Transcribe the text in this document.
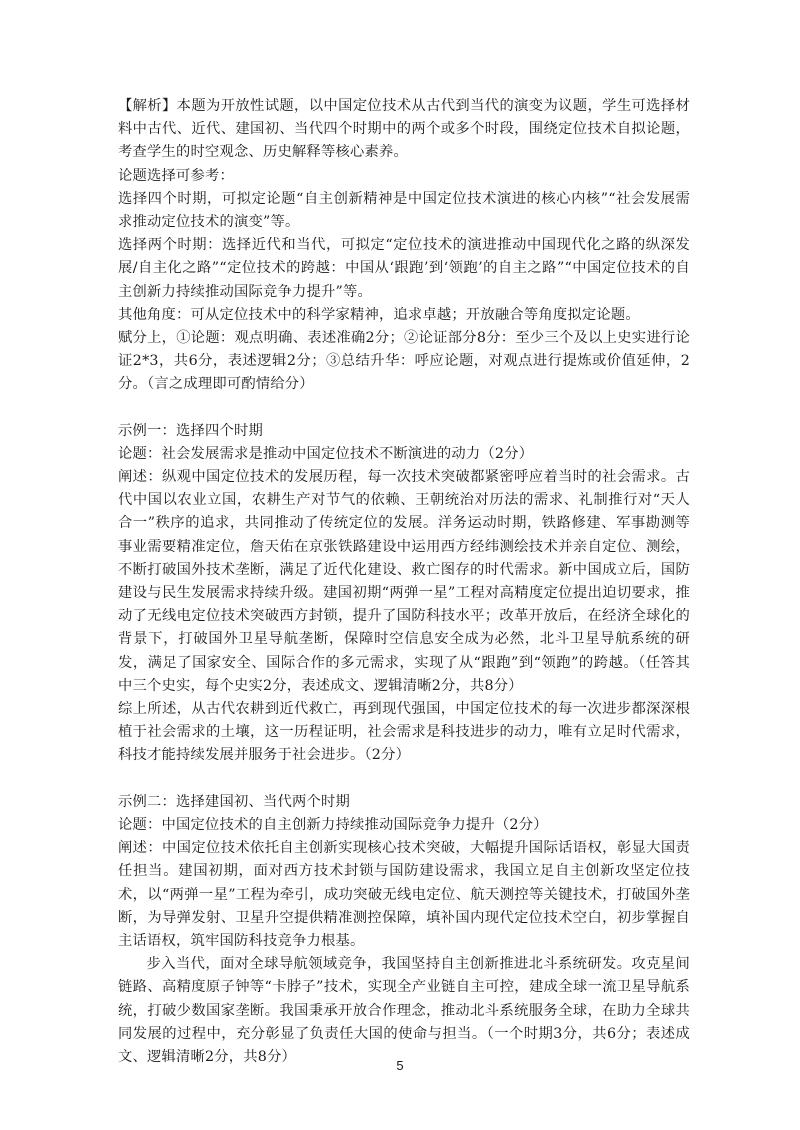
【解析】本题为开放性试题，以中国定位技术从古代到当代的演变为议题，学生可选择材料中古代、近代、建国初、当代四个时期中的两个或多个时段，围绕定位技术自拟论题，考查学生的时空观念、历史解释等核心素养。

论题选择可参考：

选择四个时期，可拟定论题“自主创新精神是中国定位技术演进的核心内核”“社会发展需求推动定位技术的演变”等。

选择两个时期：选择近代和当代，可拟定“定位技术的演进推动中国现代化之路的纵深发展/自主化之路”“定位技术的跨越：中国从‘跟跑’到‘领跑’的自主之路”“中国定位技术的自主创新力持续推动国际竞争力提升”等。

其他角度：可从定位技术中的科学家精神，追求卓越；开放融合等角度拟定论题。

赋分上，①论题：观点明确、表述准确2分；②论证部分8分：至少三个及以上史实进行论证2*3，共6分，表述逻辑2分；③总结升华：呼应论题，对观点进行提炼或价值延伸，2分。（言之成理即可酌情给分）

示例一：选择四个时期

论题：社会发展需求是推动中国定位技术不断演进的动力（2分）

阐述：纵观中国定位技术的发展历程，每一次技术突破都紧密呼应着当时的社会需求。古代中国以农业立国，农耕生产对节气的依赖、王朝统治对历法的需求、礼制推行对“天人合一”秩序的追求，共同推动了传统定位的发展。洋务运动时期，铁路修建、军事勘测等事业需要精准定位，詹天佑在京张铁路建设中运用西方经纬测绘技术并亲自定位、测绘，不断打破国外技术垄断，满足了近代化建设、救亡图存的时代需求。新中国成立后，国防建设与民生发展需求持续升级。建国初期“两弹一星”工程对高精度定位提出迫切要求，推动了无线电定位技术突破西方封锁，提升了国防科技水平；改革开放后，在经济全球化的背景下，打破国外卫星导航垄断，保障时空信息安全成为必然，北斗卫星导航系统的研发，满足了国家安全、国际合作的多元需求，实现了从“跟跑”到“领跑”的跨越。（任答其中三个史实，每个史实2分，表述成文、逻辑清晰2分，共8分）

综上所述，从古代农耕到近代救亡，再到现代强国，中国定位技术的每一次进步都深深根植于社会需求的土壤，这一历程证明，社会需求是科技进步的动力，唯有立足时代需求，科技才能持续发展并服务于社会进步。（2分）

示例二：选择建国初、当代两个时期

论题：中国定位技术的自主创新力持续推动国际竞争力提升（2分）

阐述：中国定位技术依托自主创新实现核心技术突破，大幅提升国际话语权，彰显大国责任担当。建国初期，面对西方技术封锁与国防建设需求，我国立足自主创新攻坚定位技术，以“两弹一星”工程为牵引，成功突破无线电定位、航天测控等关键技术，打破国外垄断，为导弹发射、卫星升空提供精准测控保障，填补国内现代定位技术空白，初步掌握自主话语权，筑牢国防科技竞争力根基。

步入当代，面对全球导航领域竞争，我国坚持自主创新推进北斗系统研发。攻克星间链路、高精度原子钟等“卡脖子”技术，实现全产业链自主可控，建成全球一流卫星导航系统，打破少数国家垄断。我国秉承开放合作理念，推动北斗系统服务全球，在助力全球共同发展的过程中，充分彰显了负责任大国的使命与担当。（一个时期3分，共6分；表述成文、逻辑清晰2分，共8分）

5
